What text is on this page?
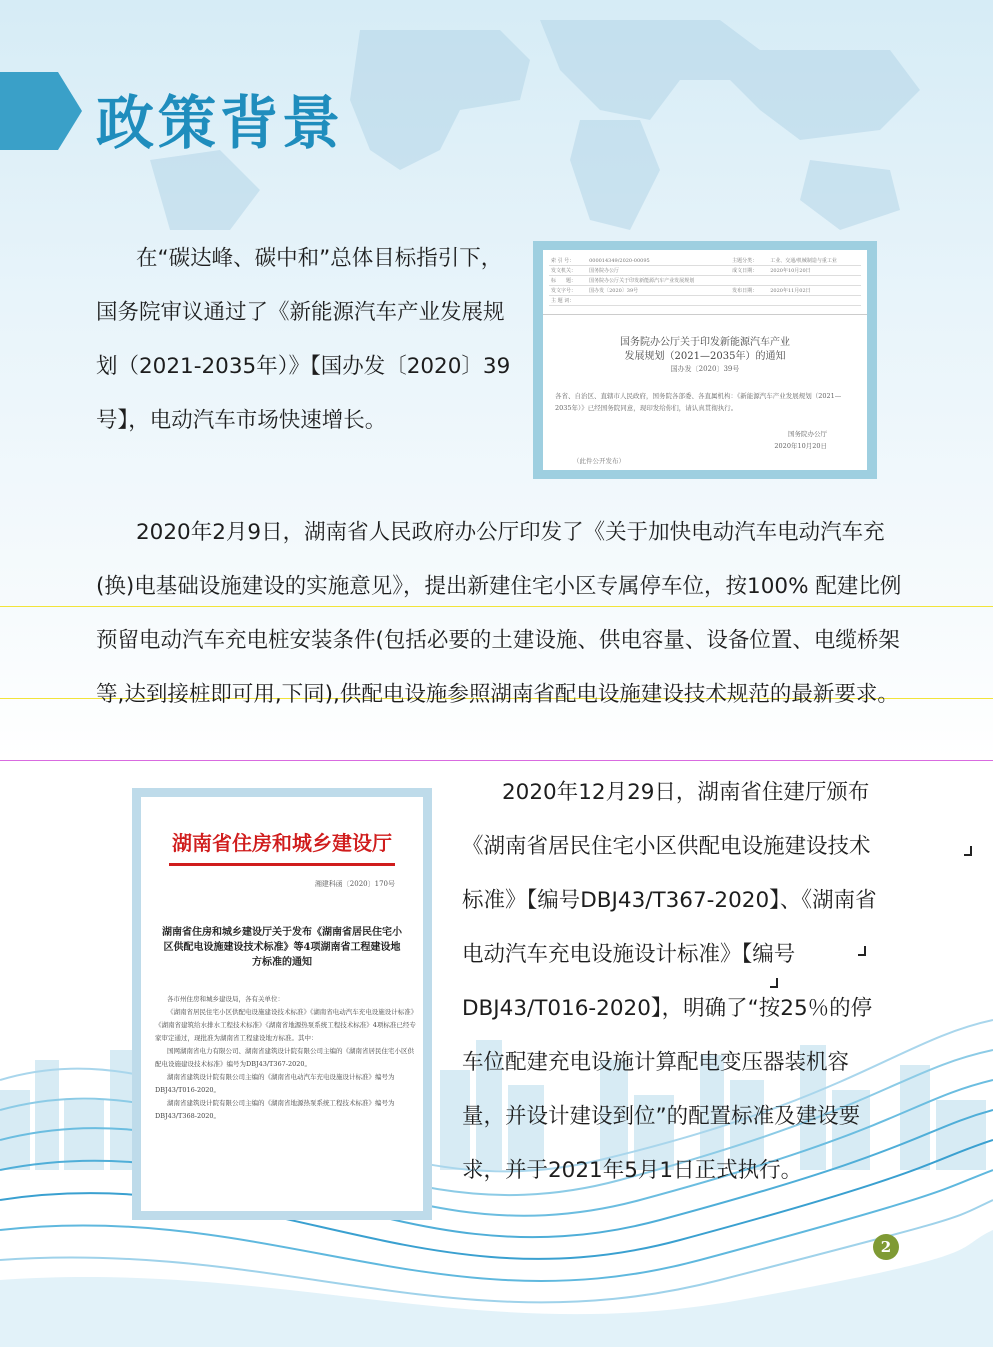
政策背景

在“碳达峰、碳中和”总体目标指引下，国务院审议通过了《新能源汽车产业发展规划（2021-2035年）》【国办发〔2020〕39号】，电动汽车市场快速增长。

索 引 号：	000014349/2020-00095	主题分类：	工业、交通/机械制造与重工业
发文机关：	国务院办公厅	成文日期：	2020年10月20日
标　　题：	国务院办公厅关于印发新能源汽车产业发展规划		
发文字号：	国办发〔2020〕39号	发布日期：	2020年11月02日
主 题 词：			
国务院办公厅关于印发新能源汽车产业
发展规划（2021—2035年）的通知
国办发〔2020〕39号
各省、自治区、直辖市人民政府，国务院各部委、各直属机构：《新能源汽车产业发展规划（2021—2035年）》已经国务院同意，现印发给你们，请认真贯彻执行。
国务院办公厅
2020年10月20日
（此件公开发布）

2020年2月9日，湖南省人民政府办公厅印发了《关于加快电动汽车电动汽车充(换)电基础设施建设的实施意见》，提出新建住宅小区专属停车位，按100% 配建比例预留电动汽车充电桩安装条件(包括必要的土建设施、供电容量、设备位置、电缆桥架等,达到接桩即可用,下同),供配电设施参照湖南省配电设施建设技术规范的最新要求。

湖南省住房和城乡建设厅
湘建科函〔2020〕170号
湖南省住房和城乡建设厅关于发布《湖南省居民住宅小区供配电设施建设技术标准》等4项湖南省工程建设地方标准的通知

各市州住房和城乡建设局，各有关单位：

《湖南省居民住宅小区供配电设施建设技术标准》《湖南省电动汽车充电设施设计标准》《湖南省建筑给水排水工程技术标准》《湖南省地源热泵系统工程技术标准》4项标准已经专家审定通过，现批准为湖南省工程建设地方标准。其中：

国网湖南省电力有限公司、湖南省建筑设计院有限公司主编的《湖南省居民住宅小区供配电设施建设技术标准》编号为DBJ43/T367-2020。

湖南省建筑设计院有限公司主编的《湖南省电动汽车充电设施设计标准》编号为DBJ43/T016-2020。

湖南省建筑设计院有限公司主编的《湖南省地源热泵系统工程技术标准》编号为DBJ43/T368-2020。

2020年12月29日，湖南省住建厅颁布《湖南省居民住宅小区供配电设施建设技术标准》【编号DBJ43/T367-2020】、《湖南省电动汽车充电设施设计标准》【编号DBJ43/T016-2020】，明确了“按25％的停车位配建充电设施计算配电变压器装机容量，并设计建设到位”的配置标准及建设要求，并于2021年5月1日正式执行。

2
